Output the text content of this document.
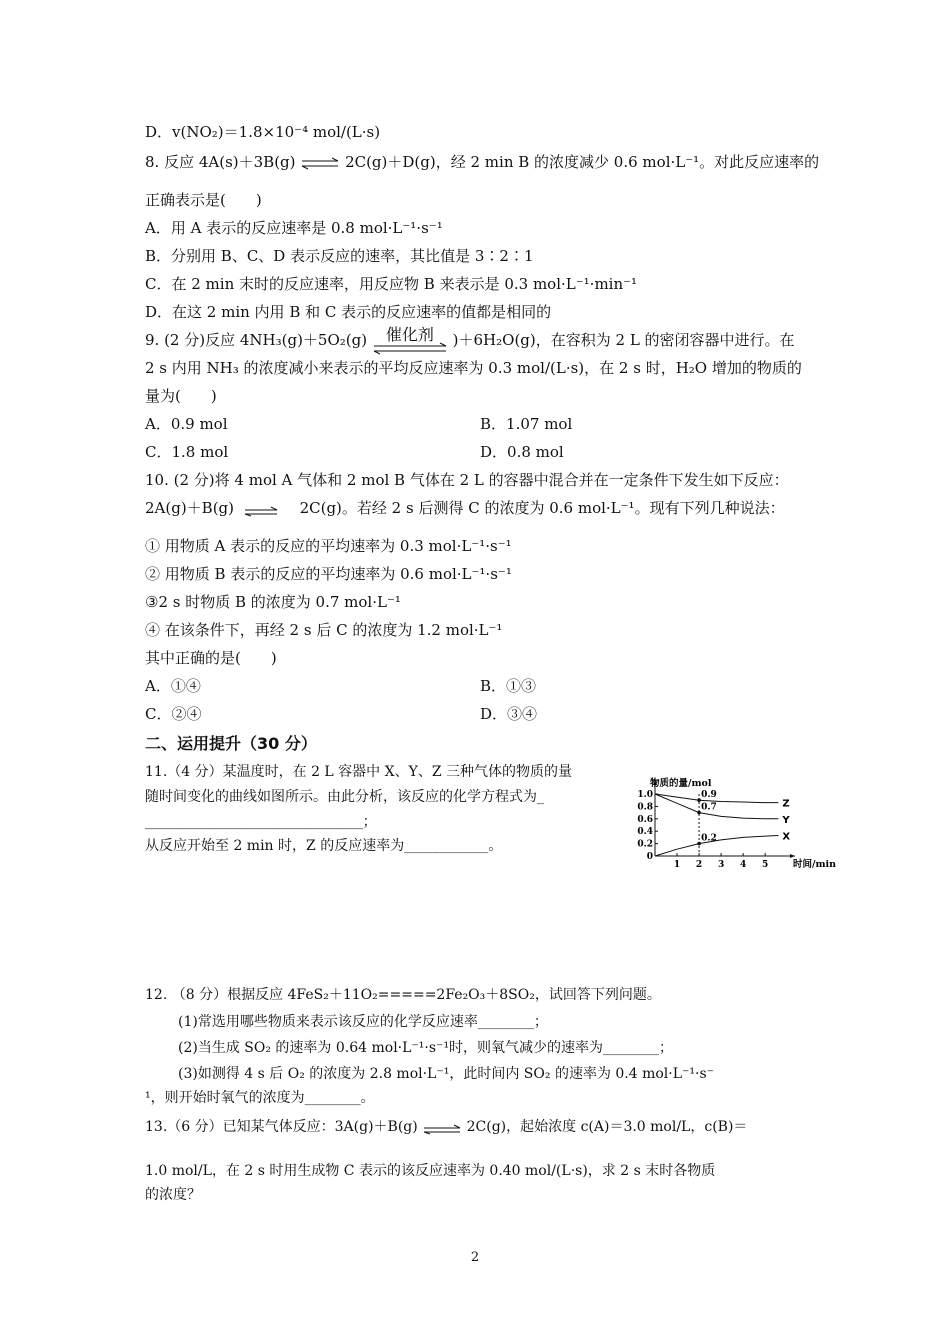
D．v(NO₂)＝1.8×10⁻⁴ mol/(L·s)
8. 反应 4A(s)＋3B(g) ⇌ 2C(g)＋D(g)，经 2 min B 的浓度减少 0.6 mol·L⁻¹。对此反应速率的
正确表示是(　　)
A．用 A 表示的反应速率是 0.8 mol·L⁻¹·s⁻¹
B．分别用 B、C、D 表示反应的速率，其比值是 3∶2∶1
C．在 2 min 末时的反应速率，用反应物 B 来表示是 0.3 mol·L⁻¹·min⁻¹
D．在这 2 min 内用 B 和 C 表示的反应速率的值都是相同的
9. (2 分)反应 4NH₃(g)＋5O₂(g) 催化剂 )＋6H₂O(g)，在容积为 2 L 的密闭容器中进行。在
2 s 内用 NH₃ 的浓度减小来表示的平均反应速率为 0.3 mol/(L·s)，在 2 s 时，H₂O 增加的物质的
量为(　　)
A．0.9 mol	B．1.07 mol
C．1.8 mol	D．0.8 mol
10. (2 分)将 4 mol A 气体和 2 mol B 气体在 2 L 的容器中混合并在一定条件下发生如下反应：
2A(g)＋B(g) ⇌ 2C(g)。若经 2 s 后测得 C 的浓度为 0.6 mol·L⁻¹。现有下列几种说法：
① 用物质 A 表示的反应的平均速率为 0.3 mol·L⁻¹·s⁻¹
② 用物质 B 表示的反应的平均速率为 0.6 mol·L⁻¹·s⁻¹
③2 s 时物质 B 的浓度为 0.7 mol·L⁻¹
④ 在该条件下，再经 2 s 后 C 的浓度为 1.2 mol·L⁻¹
其中正确的是(　　)
A．①④	B．①③
C．②④	D．③④
二、运用提升（30 分）
11.（4 分）某温度时，在 2 L 容器中 X、Y、Z 三种气体的物质的量
随时间变化的曲线如图所示。由此分析，该反应的化学方程式为_
__________________________________；
从反应开始至 2 min 时，Z 的反应速率为____________。
物质的量/mol
时间/min
1.0
0.8
0.6
0.4
0.2
0
1 2 3 4 5
Z
Y
X
0.9
0.7
0.2
12. （8 分）根据反应 4FeS₂＋11O₂=====2Fe₂O₃＋8SO₂，试回答下列问题。
(1)常选用哪些物质来表示该反应的化学反应速率________；
(2)当生成 SO₂ 的速率为 0.64 mol·L⁻¹·s⁻¹时，则氧气减少的速率为________；
(3)如测得 4 s 后 O₂ 的浓度为 2.8 mol·L⁻¹，此时间内 SO₂ 的速率为 0.4 mol·L⁻¹·s⁻
¹，则开始时氧气的浓度为________。
13.（6 分）已知某气体反应：3A(g)＋B(g) ⇌ 2C(g)，起始浓度 c(A)＝3.0 mol/L，c(B)＝
1.0 mol/L，在 2 s 时用生成物 C 表示的该反应速率为 0.40 mol/(L·s)，求 2 s 末时各物质
的浓度？
2
